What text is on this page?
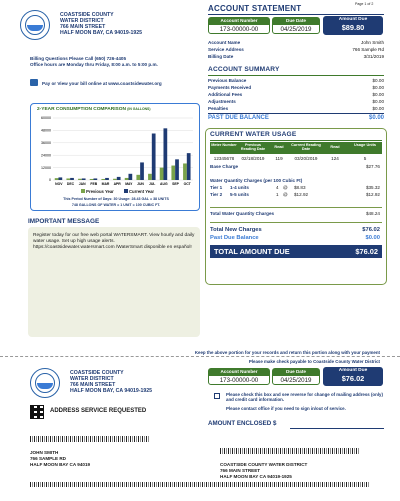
COASTSIDE COUNTY
WATER DISTRICT
766 MAIN STREET
HALF MOON BAY, CA 94019-1925
Billing Questions Please Call (650) 726-4405
Office hours are Monday thru Friday, 8:00 a.m. to 5:00 p.m.
Pay or View your bill online at www.coastsidewater.org
2-YEAR CONSUMPTION COMPARISON (IN GALLONS)
0
12000
24000
36000
48000
60000
NOV DEC JAN FEB MAR APR MAY JUN JUL AUG SEP OCT
Previous Year	Current Year
This Period Number of Days: 30 Usage: 28.43 GAL = 38 UNITS
748 GALLONS OF WATER = 1 UNIT = 100 CUBIC FT.
IMPORTANT MESSAGE
Register today for our free web portal WATERSMART. View hourly and daily water usage. Set up high usage alerts. https://coastsidewater.watersmart.com /WaterSmart disponible en español!
ACCOUNT STATEMENT	Page 1 of 2
Account Number
173-00000-00
Due Date
04/25/2019
Amount Due
$89.80
Account Name	John Smith
Service Address	766 Sample Rd
Billing Date	3/31/2019
ACCOUNT SUMMARY
Previous Balance	$0.00
Payments Received	$0.00
Additional Fees	$0.00
Adjustments	$0.00
Penalties	$0.00
PAST DUE BALANCE	$0.00
CURRENT WATER USAGE
Meter Number	Previous Reading Date	Read	Current Reading Date	Read	Usage Units
12345678	02/18/2019	119	03/20/2019	124	5
Base Charge	$27.76
Water Quantity Charges (per 100 Cubic Ft)
Tier 1 1-4 units	4 @ $8.83	$35.32
Tier 2 5-5 units	1 @ $12.92	$12.92
Total Water Quantity Charges	$48.24
Total New Charges	$76.02
Past Due Balance	$0.00
TOTAL AMOUNT DUE	$76.02
Keep the above portion for your records and return this portion along with your payment
Please make check payable to Coastside County Water District
COASTSIDE COUNTY
WATER DISTRICT
766 MAIN STREET
HALF MOON BAY, CA 94019-1925
Account Number
173-00000-00
Due Date
04/25/2019
Amount Due
$76.02
Please check this box and see reverse for change of mailing address (only) and credit card information.
Please contact office if you need to sign in/out of service.
ADDRESS SERVICE REQUESTED
AMOUNT ENCLOSED $
JOHN SMITH
766 SAMPLE RD
HALF MOON BAY CA 94019	COASTSIDE COUNTY WATER DISTRICT
766 MAIN STREET
HALF MOON BAY CA 94019-1925
